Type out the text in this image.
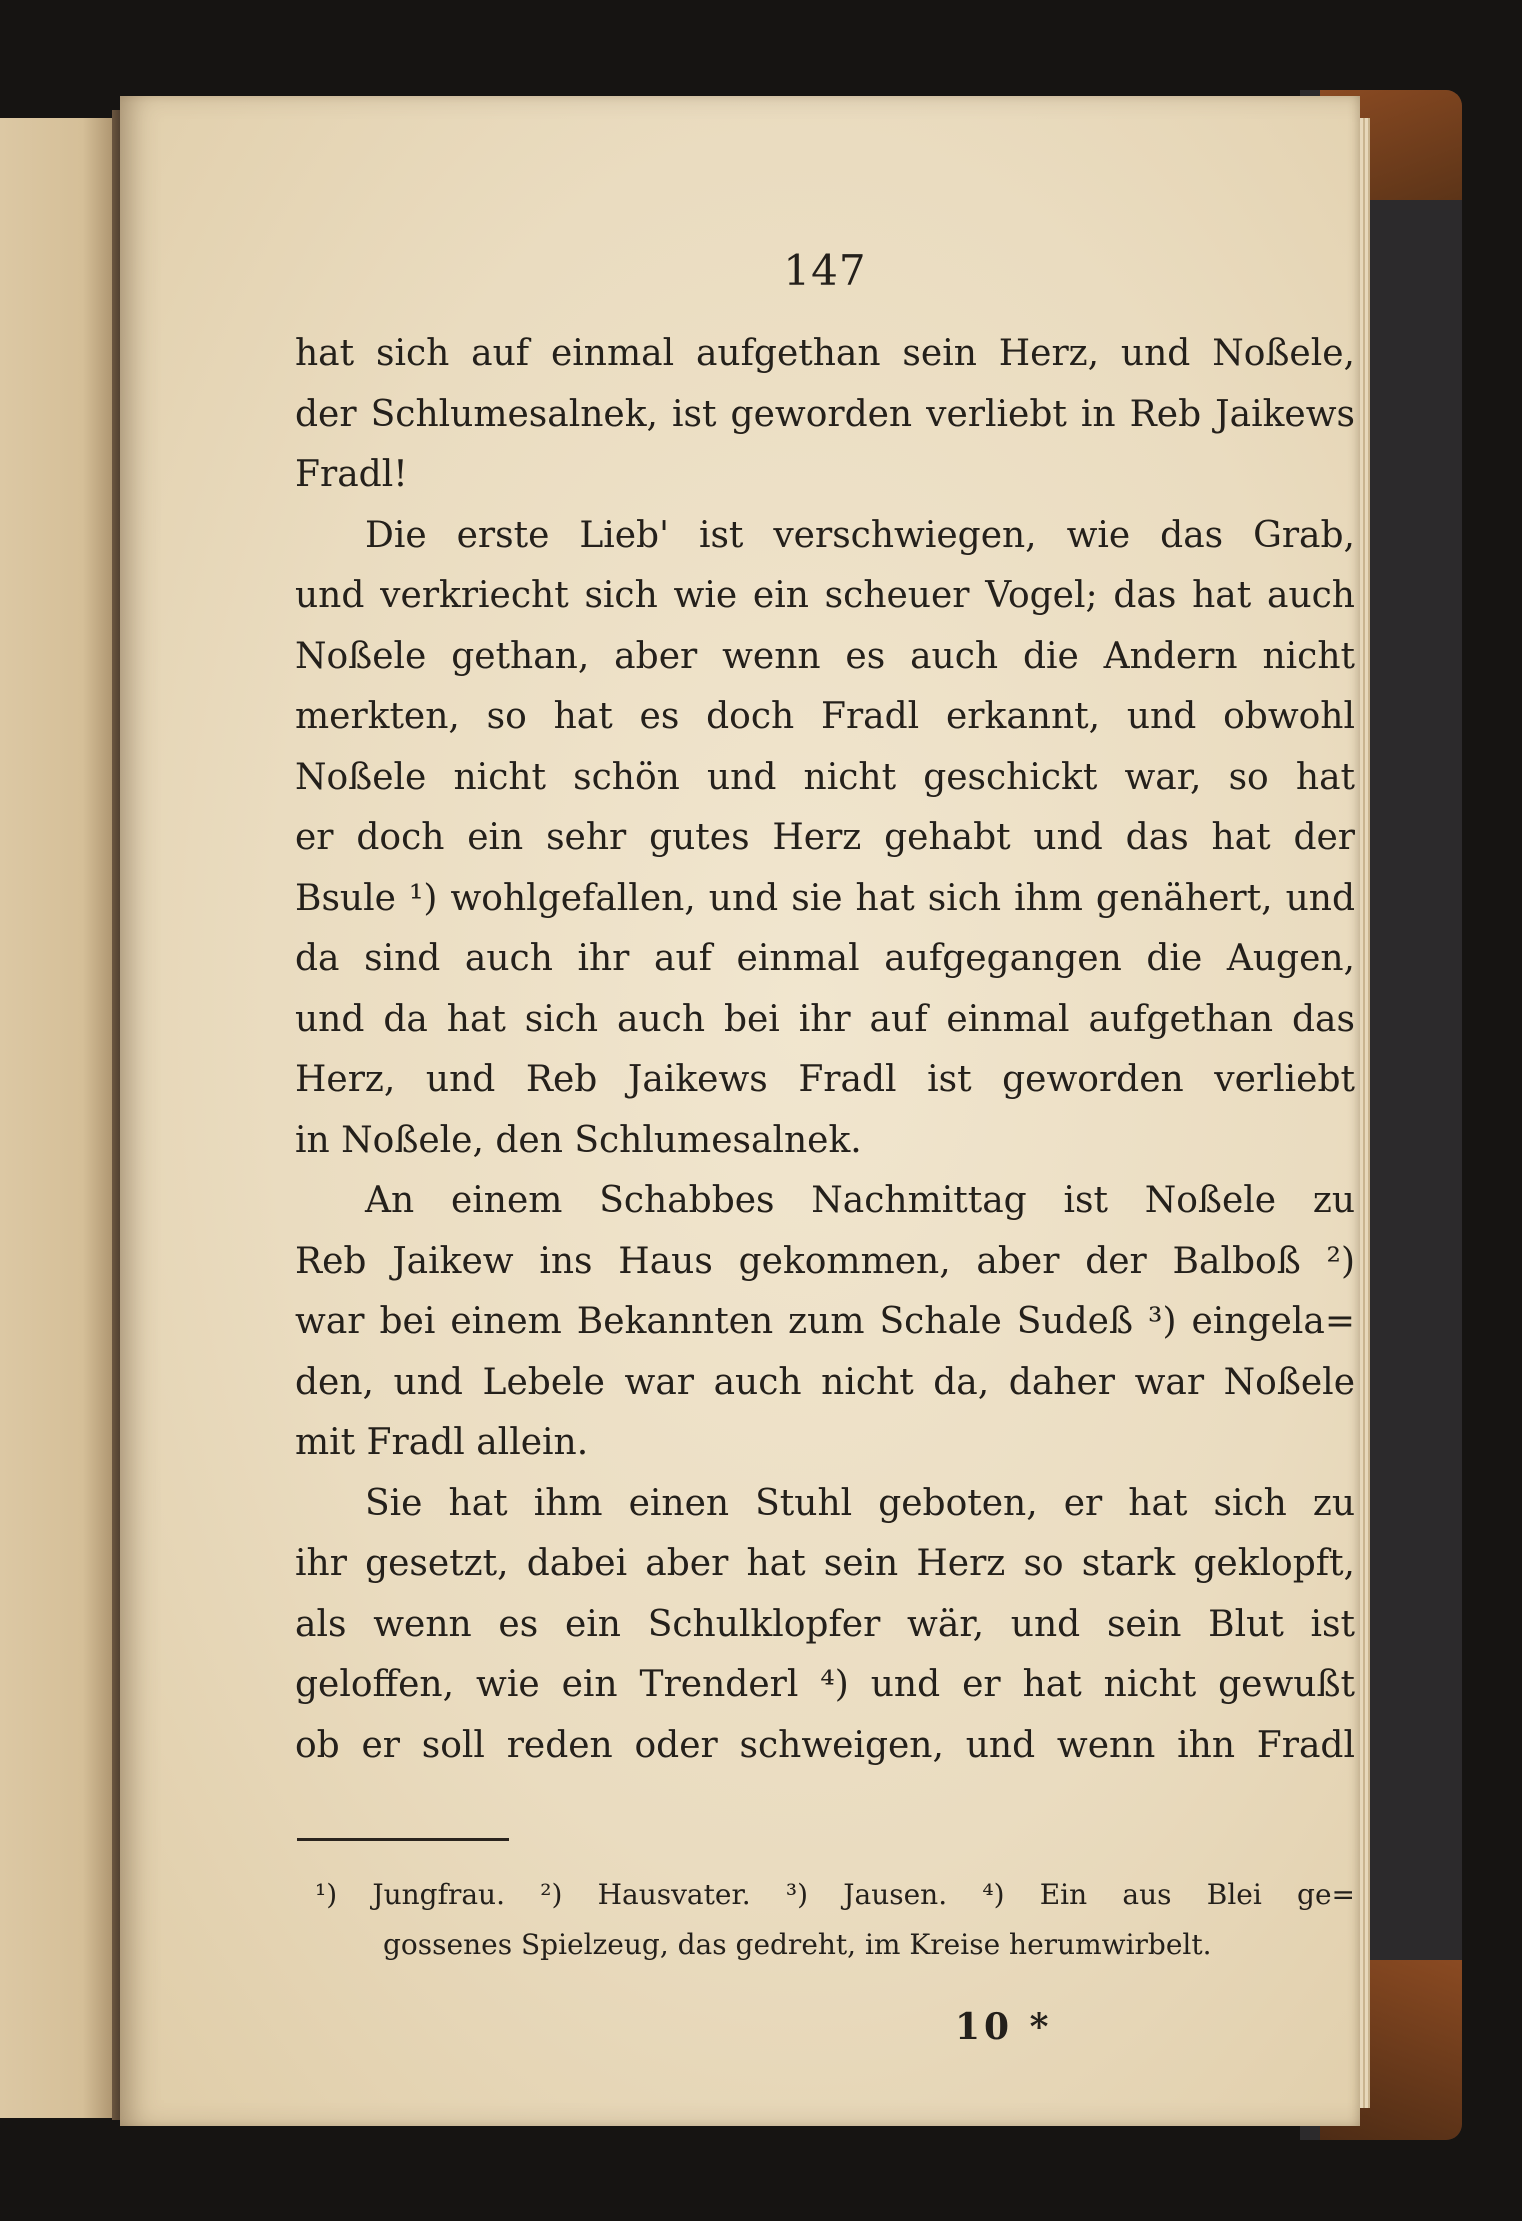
147
hat sich auf einmal aufgethan sein Herz, und Noßele,
der Schlumesalnek, ist geworden verliebt in Reb Jaikews
Fradl!
Die erste Lieb' ist verschwiegen, wie das Grab,
und verkriecht sich wie ein scheuer Vogel; das hat auch
Noßele gethan, aber wenn es auch die Andern nicht
merkten, so hat es doch Fradl erkannt, und obwohl
Noßele nicht schön und nicht geschickt war, so hat
er doch ein sehr gutes Herz gehabt und das hat der
Bsule ¹) wohlgefallen, und sie hat sich ihm genähert, und
da sind auch ihr auf einmal aufgegangen die Augen,
und da hat sich auch bei ihr auf einmal aufgethan das
Herz, und Reb Jaikews Fradl ist geworden verliebt
in Noßele, den Schlumesalnek.
An einem Schabbes Nachmittag ist Noßele zu
Reb Jaikew ins Haus gekommen, aber der Balboß ²)
war bei einem Bekannten zum Schale Sudeß ³) eingela=
den, und Lebele war auch nicht da, daher war Noßele
mit Fradl allein.
Sie hat ihm einen Stuhl geboten, er hat sich zu
ihr gesetzt, dabei aber hat sein Herz so stark geklopft,
als wenn es ein Schulklopfer wär, und sein Blut ist
geloffen, wie ein Trenderl ⁴) und er hat nicht gewußt
ob er soll reden oder schweigen, und wenn ihn Fradl
¹) Jungfrau. ²) Hausvater. ³) Jausen. ⁴) Ein aus Blei ge=
gossenes Spielzeug, das gedreht, im Kreise herumwirbelt.
10 *
